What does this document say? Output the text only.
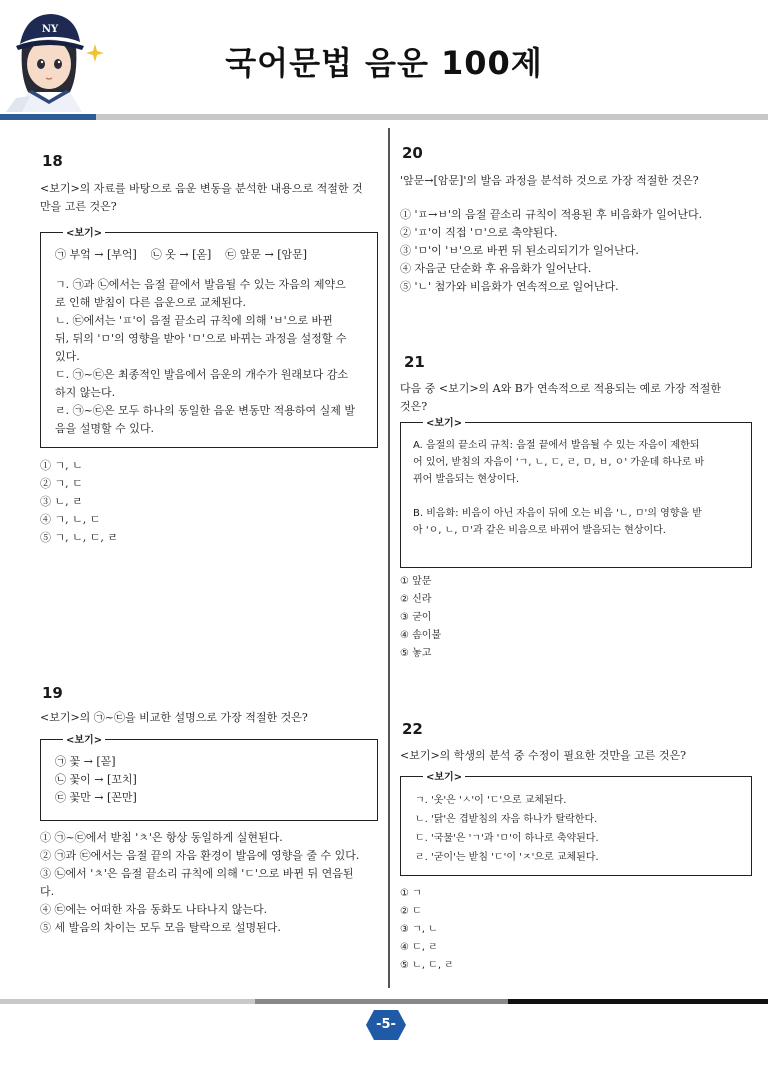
NY
국어문법 음운 100제
18
<보기>의 자료를 바탕으로 음운 변동을 분석한 내용으로 적절한 것
만을 고른 것은?
<보기>
㉠ 부엌 → [부억]    ㉡ 옷 → [옫]    ㉢ 앞문 → [암문]
ㄱ. ㉠과 ㉡에서는 음절 끝에서 발음될 수 있는 자음의 제약으
로 인해 받침이 다른 음운으로 교체된다.
ㄴ. ㉢에서는 'ㅍ'이 음절 끝소리 규칙에 의해 'ㅂ'으로 바뀐
뒤, 뒤의 'ㅁ'의 영향을 받아 'ㅁ'으로 바뀌는 과정을 설정할 수
있다.
ㄷ. ㉠~㉢은 최종적인 발음에서 음운의 개수가 원래보다 감소
하지 않는다.
ㄹ. ㉠~㉢은 모두 하나의 동일한 음운 변동만 적용하여 실제 발
음을 설명할 수 있다.
① ㄱ, ㄴ
② ㄱ, ㄷ
③ ㄴ, ㄹ
④ ㄱ, ㄴ, ㄷ
⑤ ㄱ, ㄴ, ㄷ, ㄹ
19
<보기>의 ㉠~㉢을 비교한 설명으로 가장 적절한 것은?
<보기>
㉠ 꽃 → [꼳]
㉡ 꽃이 → [꼬치]
㉢ 꽃만 → [꼰만]
① ㉠~㉢에서 받침 'ㅊ'은 항상 동일하게 실현된다.
② ㉠과 ㉢에서는 음절 끝의 자음 환경이 발음에 영향을 줄 수 있다.
③ ㉡에서 'ㅊ'은 음절 끝소리 규칙에 의해 'ㄷ'으로 바뀐 뒤 연음된
다.
④ ㉢에는 어떠한 자음 동화도 나타나지 않는다.
⑤ 세 발음의 차이는 모두 모음 탈락으로 설명된다.
20
'앞문→[암문]'의 발음 과정을 분석하 것으로 가장 적절한 것은?
① 'ㅍ→ㅂ'의 음절 끝소리 규칙이 적용된 후 비음화가 일어난다.
② 'ㅍ'이 직접 'ㅁ'으로 축약된다.
③ 'ㅁ'이 'ㅂ'으로 바뀐 뒤 된소리되기가 일어난다.
④ 자음군 단순화 후 유음화가 일어난다.
⑤ 'ㄴ' 첨가와 비음화가 연속적으로 일어난다.
21
다음 중 <보기>의 A와 B가 연속적으로 적용되는 예로 가장 적절한
것은?
<보기>
A. 음절의 끝소리 규칙: 음절 끝에서 발음될 수 있는 자음이 제한되
어 있어, 받침의 자음이 'ㄱ, ㄴ, ㄷ, ㄹ, ㅁ, ㅂ, ㅇ' 가운데 하나로 바
뀌어 발음되는 현상이다.
B. 비음화: 비음이 아닌 자음이 뒤에 오는 비음 'ㄴ, ㅁ'의 영향을 받
아 'ㅇ, ㄴ, ㅁ'과 같은 비음으로 바뀌어 발음되는 현상이다.
① 앞문
② 신라
③ 굳이
④ 솜이불
⑤ 놓고
22
<보기>의 학생의 분석 중 수정이 필요한 것만을 고른 것은?
<보기>
ㄱ. '옷'은 'ㅅ'이 'ㄷ'으로 교체된다.
ㄴ. '닭'은 겹받침의 자음 하나가 탈락한다.
ㄷ. '국물'은 'ㄱ'과 'ㅁ'이 하나로 축약된다.
ㄹ. '굳이'는 받침 'ㄷ'이 'ㅈ'으로 교체된다.
① ㄱ
② ㄷ
③ ㄱ, ㄴ
④ ㄷ, ㄹ
⑤ ㄴ, ㄷ, ㄹ
-5-
